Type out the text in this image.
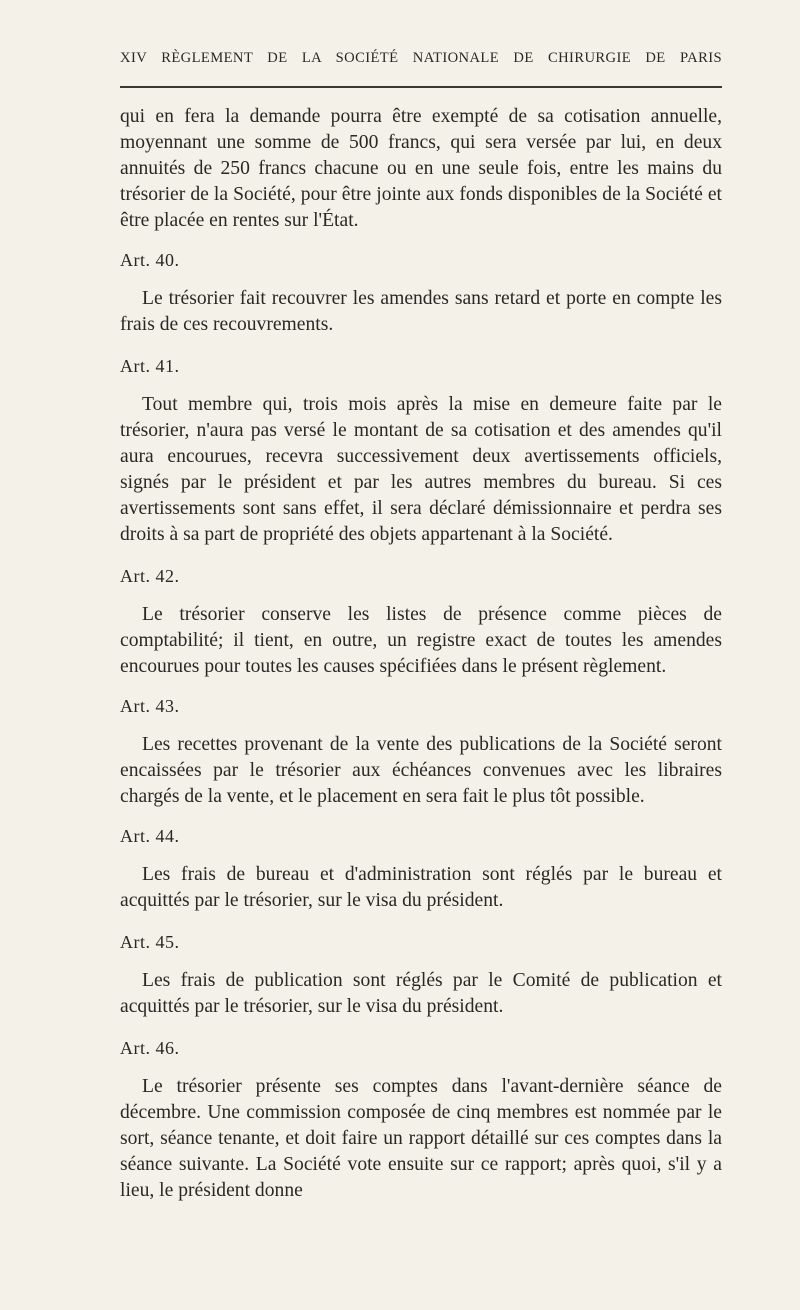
XIV RÈGLEMENT DE LA SOCIÉTÉ NATIONALE DE CHIRURGIE DE PARIS

qui en fera la demande pourra être exempté de sa cotisation annuelle, moyennant une somme de 500 francs, qui sera versée par lui, en deux annuités de 250 francs chacune ou en une seule fois, entre les mains du trésorier de la Société, pour être jointe aux fonds disponibles de la Société et être placée en rentes sur l'État.

Art. 40.

Le trésorier fait recouvrer les amendes sans retard et porte en compte les frais de ces recouvrements.

Art. 41.

Tout membre qui, trois mois après la mise en demeure faite par le trésorier, n'aura pas versé le montant de sa cotisation et des amendes qu'il aura encourues, recevra successivement deux avertissements officiels, signés par le président et par les autres membres du bureau. Si ces avertissements sont sans effet, il sera déclaré démissionnaire et perdra ses droits à sa part de propriété des objets appartenant à la Société.

Art. 42.

Le trésorier conserve les listes de présence comme pièces de comptabilité; il tient, en outre, un registre exact de toutes les amendes encourues pour toutes les causes spécifiées dans le présent règlement.

Art. 43.

Les recettes provenant de la vente des publications de la Société seront encaissées par le trésorier aux échéances convenues avec les libraires chargés de la vente, et le placement en sera fait le plus tôt possible.

Art. 44.

Les frais de bureau et d'administration sont réglés par le bureau et acquittés par le trésorier, sur le visa du président.

Art. 45.

Les frais de publication sont réglés par le Comité de publication et acquittés par le trésorier, sur le visa du président.

Art. 46.

Le trésorier présente ses comptes dans l'avant-dernière séance de décembre. Une commission composée de cinq membres est nommée par le sort, séance tenante, et doit faire un rapport détaillé sur ces comptes dans la séance suivante. La Société vote ensuite sur ce rapport; après quoi, s'il y a lieu, le président donne
